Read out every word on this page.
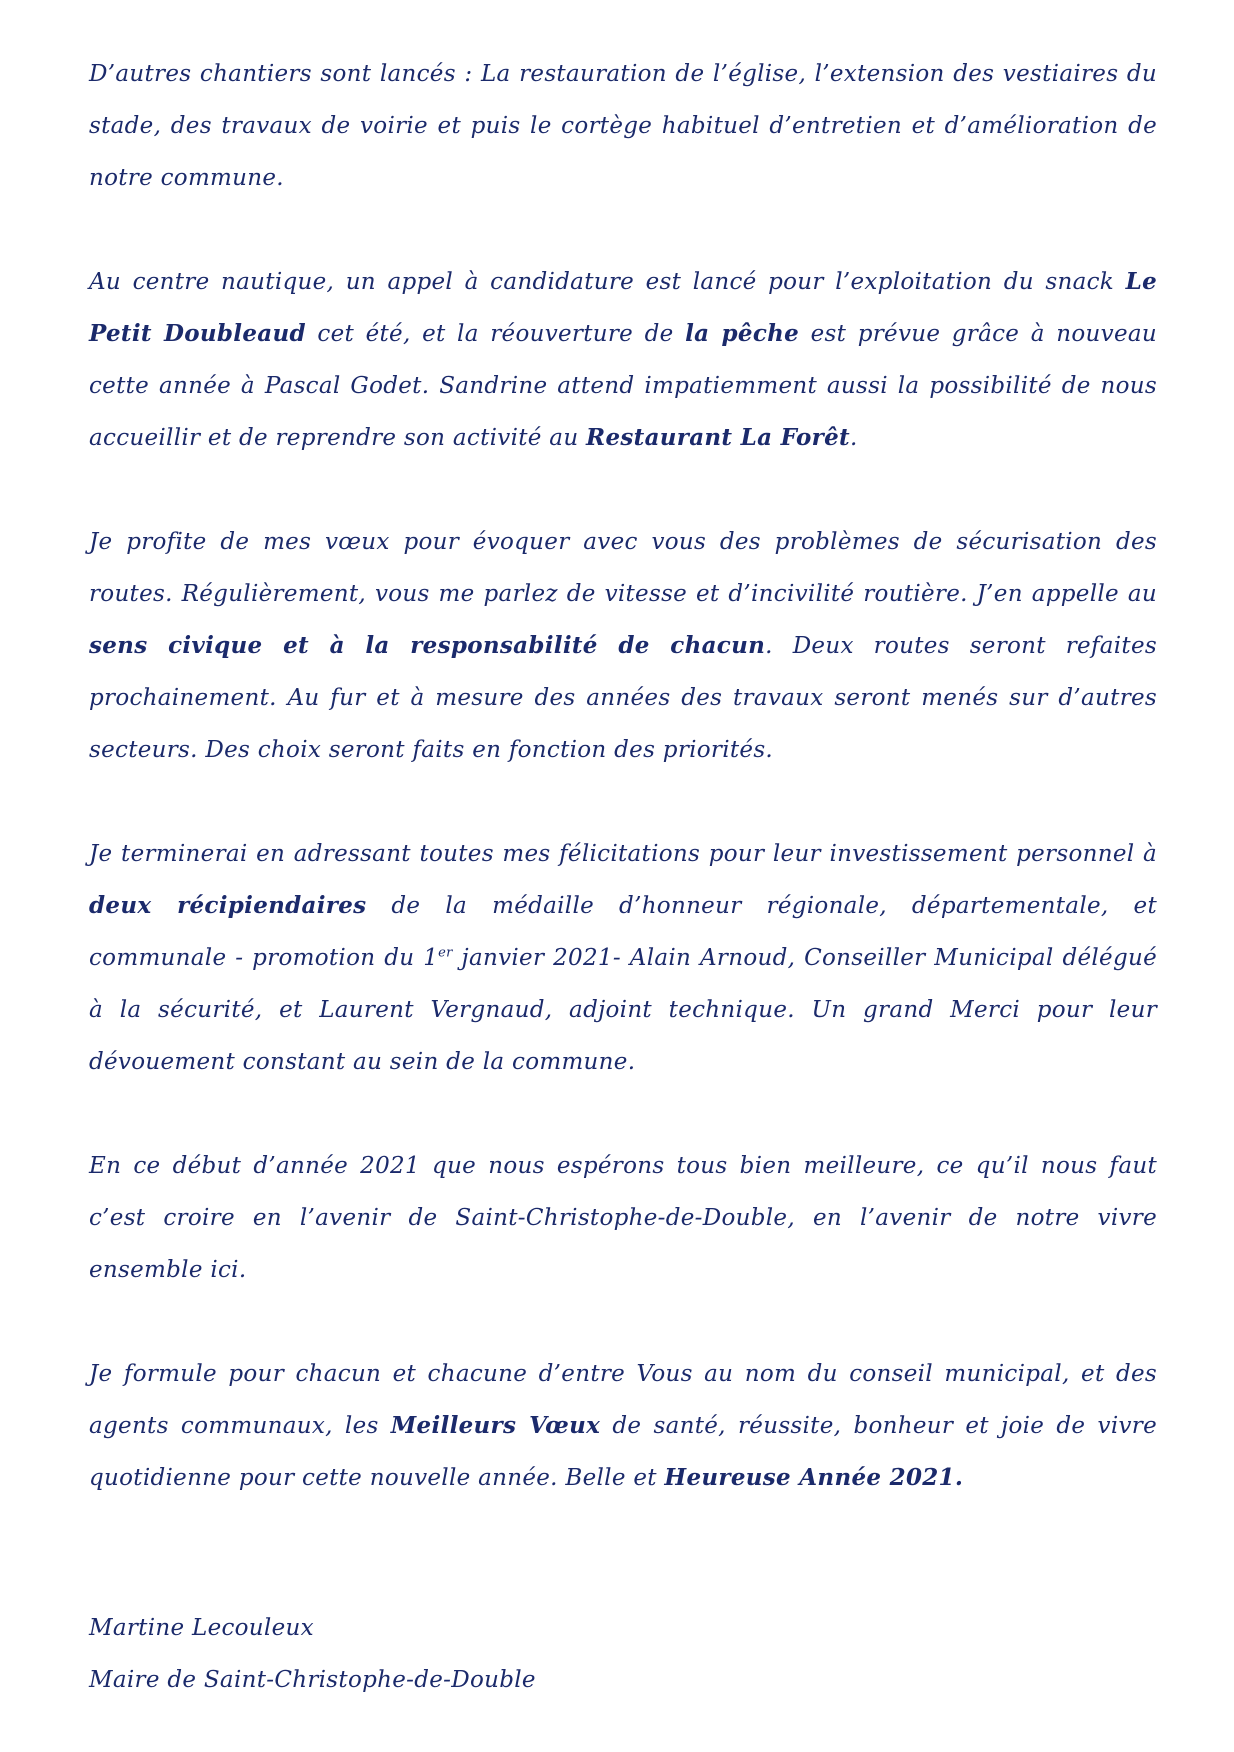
D’autres chantiers sont lancés : La restauration de l’église, l’extension des vestiaires du stade, des travaux de voirie et puis le cortège habituel d’entretien et d’amélioration de notre commune.

Au centre nautique, un appel à candidature est lancé pour l’exploitation du snack Le Petit Doubleaud cet été, et la réouverture de la pêche est prévue grâce à nouveau cette année à Pascal Godet. Sandrine attend impatiemment aussi la possibilité de nous accueillir et de reprendre son activité au Restaurant La Forêt.

Je profite de mes vœux pour évoquer avec vous des problèmes de sécurisation des routes. Régulièrement, vous me parlez de vitesse et d’incivilité routière. J’en appelle au sens civique et à la responsabilité de chacun. Deux routes seront refaites prochainement. Au fur et à mesure des années des travaux seront menés sur d’autres secteurs. Des choix seront faits en fonction des priorités.

Je terminerai en adressant toutes mes félicitations pour leur investissement personnel à deux récipiendaires de la médaille d’honneur régionale, départementale, et communale - promotion du 1er janvier 2021- Alain Arnoud, Conseiller Municipal délégué à la sécurité, et Laurent Vergnaud, adjoint technique. Un grand Merci pour leur dévouement constant au sein de la commune.

En ce début d’année 2021 que nous espérons tous bien meilleure, ce qu’il nous faut c’est croire en l’avenir de Saint-Christophe-de-Double, en l’avenir de notre vivre ensemble ici.

Je formule pour chacun et chacune d’entre Vous au nom du conseil municipal, et des agents communaux, les Meilleurs Vœux de santé, réussite, bonheur et joie de vivre quotidienne pour cette nouvelle année. Belle et Heureuse Année 2021.

Martine Lecouleux
Maire de Saint-Christophe-de-Double
